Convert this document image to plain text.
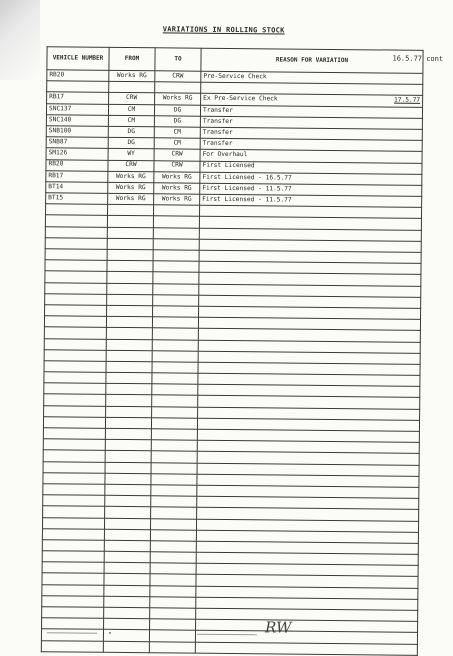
VARIATIONS IN ROLLING STOCK
16.5.77 cont
VEHICLE NUMBER	FROM	TO	REASON FOR VARIATION
RB20	Works RG	CRW	Pre-Service Check

RB17	CRW	Works RG	Ex Pre-Service Check 17.5.77

SNC137	CM	DG	Transfer
SNC140	CM	DG	Transfer
SNB100	DG	CM	Transfer
SNB87	DG	CM	Transfer
SM126	WY	CRW	For Overhaul
RB20	CRW	CRW	First Licensed
RB17	Works RG	Works RG	First Licensed - 16.5.77
BT14	Works RG	Works RG	First Licensed - 11.5.77
BT15	Works RG	Works RG	First Licensed - 11.5.77

RW
